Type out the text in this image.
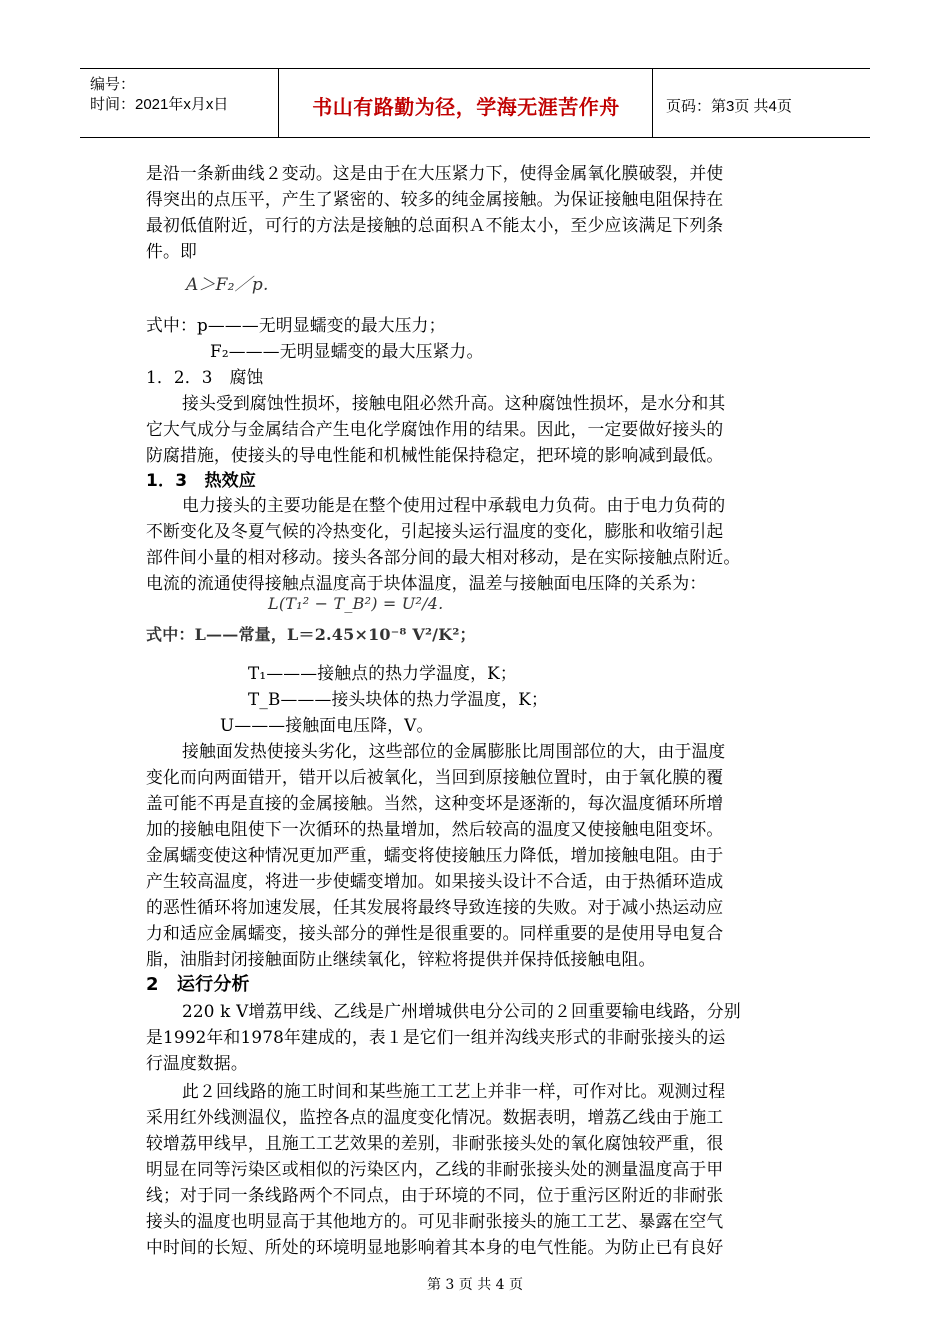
编号：
时间：2021年x月x日	书山有路勤为径，学海无涯苦作舟	页码：第3页 共4页
是沿一条新曲线２变动。这是由于在大压紧力下，使得金属氧化膜破裂，并使
得突出的点压平，产生了紧密的、较多的纯金属接触。为保证接触电阻保持在
最初低值附近，可行的方法是接触的总面积Ａ不能太小，至少应该满足下列条
件。即
A＞F₂／p.
式中：p———无明显蠕变的最大压力；
F₂———无明显蠕变的最大压紧力。
1．2．3　腐蚀
接头受到腐蚀性损坏，接触电阻必然升高。这种腐蚀性损坏，是水分和其
它大气成分与金属结合产生电化学腐蚀作用的结果。因此，一定要做好接头的
防腐措施，使接头的导电性能和机械性能保持稳定，把环境的影响减到最低。
1．3　热效应
电力接头的主要功能是在整个使用过程中承载电力负荷。由于电力负荷的
不断变化及冬夏气候的冷热变化，引起接头运行温度的变化，膨胀和收缩引起
部件间小量的相对移动。接头各部分间的最大相对移动，是在实际接触点附近。
电流的流通使得接触点温度高于块体温度，温差与接触面电压降的关系为：
L(T₁² − T_B²) = U²/4.
式中：L——常量，L＝2.45×10⁻⁸ V²/K²；
T₁———接触点的热力学温度，K；
T_B———接头块体的热力学温度，K；
U———接触面电压降，V。
接触面发热使接头劣化，这些部位的金属膨胀比周围部位的大，由于温度
变化而向两面错开，错开以后被氧化，当回到原接触位置时，由于氧化膜的覆
盖可能不再是直接的金属接触。当然，这种变坏是逐渐的，每次温度循环所增
加的接触电阻使下一次循环的热量增加，然后较高的温度又使接触电阻变坏。
金属蠕变使这种情况更加严重，蠕变将使接触压力降低，增加接触电阻。由于
产生较高温度，将进一步使蠕变增加。如果接头设计不合适，由于热循环造成
的恶性循环将加速发展，任其发展将最终导致连接的失败。对于减小热运动应
力和适应金属蠕变，接头部分的弹性是很重要的。同样重要的是使用导电复合
脂，油脂封闭接触面防止继续氧化，锌粒将提供并保持低接触电阻。
2　运行分析
220 k V增荔甲线、乙线是广州增城供电分公司的２回重要输电线路，分别
是1992年和1978年建成的，表１是它们一组并沟线夹形式的非耐张接头的运
行温度数据。
此２回线路的施工时间和某些施工工艺上并非一样，可作对比。观测过程
采用红外线测温仪，监控各点的温度变化情况。数据表明，增荔乙线由于施工
较增荔甲线早，且施工工艺效果的差别，非耐张接头处的氧化腐蚀较严重，很
明显在同等污染区或相似的污染区内，乙线的非耐张接头处的测量温度高于甲
线；对于同一条线路两个不同点，由于环境的不同，位于重污区附近的非耐张
接头的温度也明显高于其他地方的。可见非耐张接头的施工工艺、暴露在空气
中时间的长短、所处的环境明显地影响着其本身的电气性能。为防止已有良好
第 3 页 共 4 页
